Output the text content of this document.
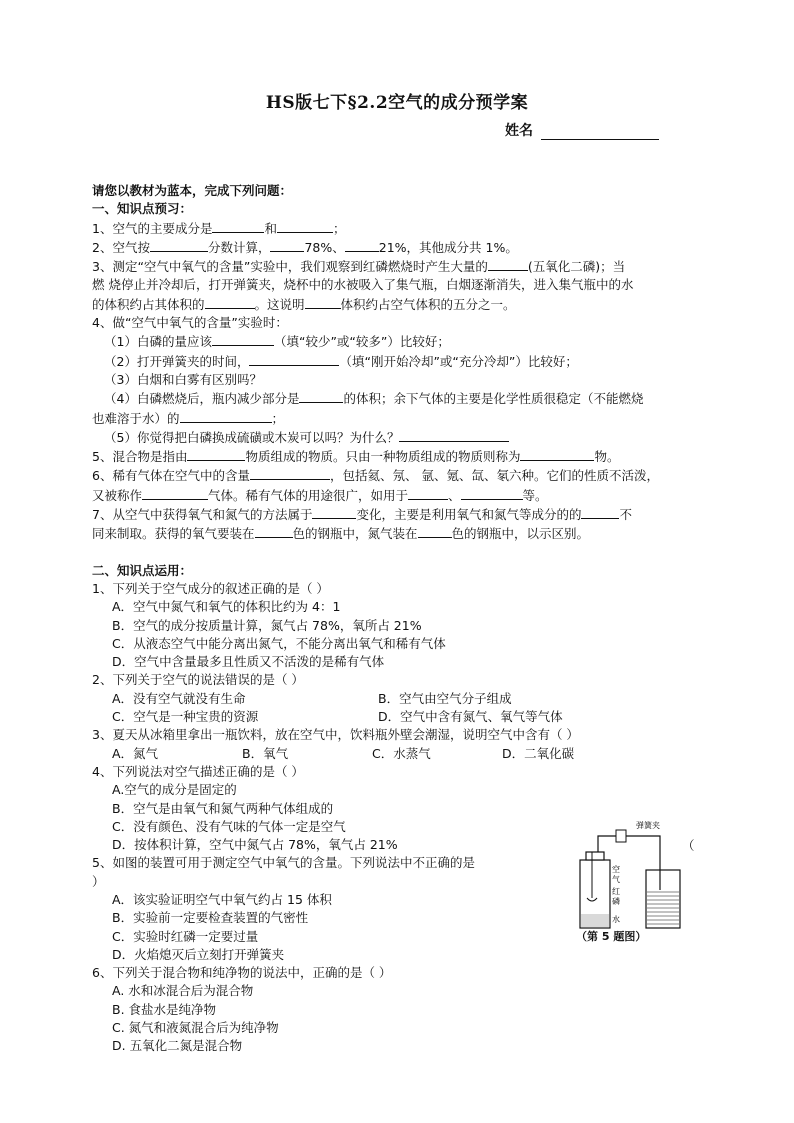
HS版七下§2.2空气的成分预学案
姓名
请您以教材为蓝本，完成下列问题：
一、知识点预习：
1、空气的主要成分是	和	；
2、空气按	分数计算，	78%、	21%，其他成分共 1%。
3、测定“空气中氧气的含量”实验中，我们观察到红磷燃烧时产生大量的	(五氧化二磷)；当
燃 烧停止并冷却后，打开弹簧夹，烧杯中的水被吸入了集气瓶，白烟逐渐消失，进入集气瓶中的水
的体积约占其体积的	。这说明	体积约占空气体积的五分之一。
4、做“空气中氧气的含量”实验时：
（1）白磷的量应该	（填“较少”或“较多”）比较好；
（2）打开弹簧夹的时间，	（填“刚开始冷却”或“充分冷却”）比较好；
（3）白烟和白雾有区别吗？
（4）白磷燃烧后，瓶内减少部分是	的体积；余下气体的主要是化学性质很稳定（不能燃烧
也难溶于水）的	；
（5）你觉得把白磷换成硫磺或木炭可以吗？为什么？
5、混合物是指由	物质组成的物质。只由一种物质组成的物质则称为	物。
6、稀有气体在空气中的含量	，包括氦、氖、 氩、氪、氙、氡六种。它们的性质不活泼，
又被称作	气体。稀有气体的用途很广，如用于	、	等。
7、从空气中获得氧气和氮气的方法属于	变化，主要是利用氧气和氮气等成分的的	不
同来制取。获得的氧气要装在	色的钢瓶中，氮气装在	色的钢瓶中，以示区别。
二、知识点运用：
1、下列关于空气成分的叙述正确的是（ ）
A．空气中氮气和氧气的体积比约为 4：1
B．空气的成分按质量计算，氮气占 78%，氧所占 21%
C．从液态空气中能分离出氮气，不能分离出氧气和稀有气体
D．空气中含量最多且性质又不活泼的是稀有气体
2、下列关于空气的说法错误的是（ ）
A．没有空气就没有生命	B．空气由空气分子组成
C．空气是一种宝贵的资源	D．空气中含有氮气、氧气等气体
3、夏天从冰箱里拿出一瓶饮料，放在空气中，饮料瓶外壁会潮湿，说明空气中含有（ ）
A．氮气	B．氧气	C．水蒸气	D．二氧化碳
4、下列说法对空气描述正确的是（ ）
A.空气的成分是固定的
B．空气是由氧气和氮气两种气体组成的
C．没有颜色、没有气味的气体一定是空气
D．按体积计算，空气中氮气占 78%，氧气占 21%
5、如图的装置可用于测定空气中氧气的含量。下列说法中不正确的是
）
A．该实验证明空气中氧气约占 15 体积
B．实验前一定要检查装置的气密性
C．实验时红磷一定要过量
D．火焰熄灭后立刻打开弹簧夹
6、下列关于混合物和纯净物的说法中，正确的是（ ）
A. 水和冰混合后为混合物
B. 食盐水是纯净物
C. 氮气和液氮混合后为纯净物
D. 五氧化二氮是混合物
（
弹簧夹
空
气
红
磷
水
（第 5 题图）
